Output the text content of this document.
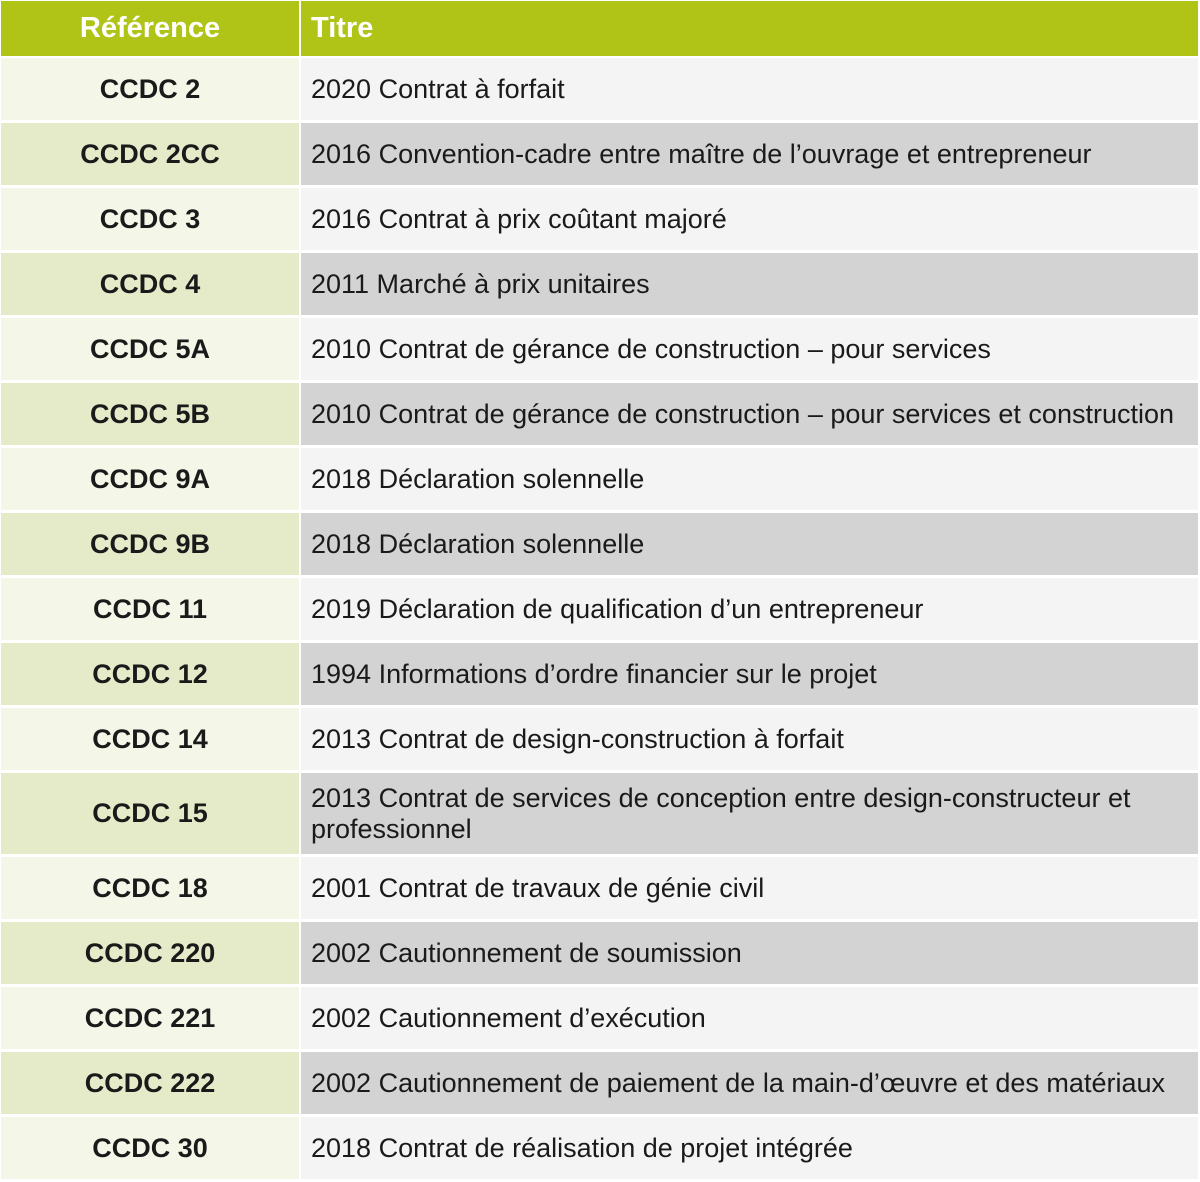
Référence	Titre
CCDC 2	2020 Contrat à forfait
CCDC 2CC	2016 Convention-cadre entre maître de l’ouvrage et entrepreneur
CCDC 3	2016 Contrat à prix coûtant majoré
CCDC 4	2011 Marché à prix unitaires
CCDC 5A	2010 Contrat de gérance de construction – pour services
CCDC 5B	2010 Contrat de gérance de construction – pour services et construction
CCDC 9A	2018 Déclaration solennelle
CCDC 9B	2018 Déclaration solennelle
CCDC 11	2019 Déclaration de qualification d’un entrepreneur
CCDC 12	1994 Informations d’ordre financier sur le projet
CCDC 14	2013 Contrat de design-construction à forfait
CCDC 15	2013 Contrat de services de conception entre design-constructeur et professionnel
CCDC 18	2001 Contrat de travaux de génie civil
CCDC 220	2002 Cautionnement de soumission
CCDC 221	2002 Cautionnement d’exécution
CCDC 222	2002 Cautionnement de paiement de la main-d’œuvre et des matériaux
CCDC 30	2018 Contrat de réalisation de projet intégrée
